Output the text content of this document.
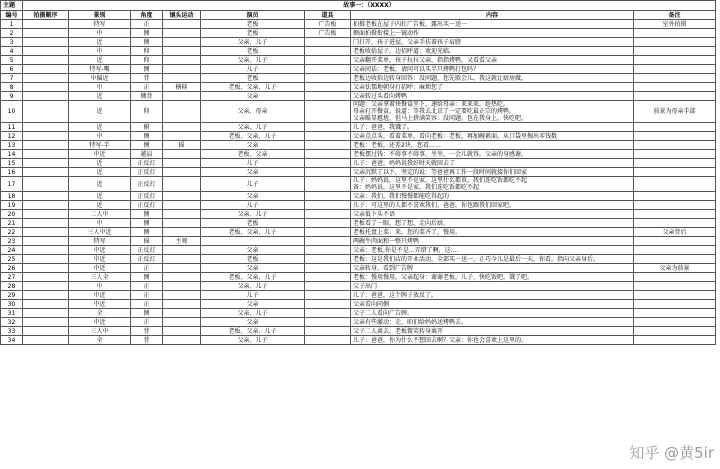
主题	故事一：（XXXX）							
编号	拍摄顺序	景别	角度	镜头运动	演员	道具	内容	备注
1		特写	正		老板	广告板	拍摄老板在屋子内扛广告板，露出买一送一	室外拍摄
2		中	侧		老板	广告板	侧面拍摄衔接上一镜动作	

3		近	侧		父亲、儿子		门打开，孩子进屋，父亲手扶着孩子肩膀	

4		中	仰		老板		老板收拾屋子，边招呼道：欢迎光临。	

5		近	仰		父亲、儿子		父亲翻开菜单，孩子拉拉父亲，指指烤鸭，又看看父亲	

6		特写-嘴	侧		儿子		父亲问话：老板，请问可以买半只烤鸭打包吗？	

7		中偏近	背		老板		老板边收拾边转身回答：没问题，您先歇会儿，我这就让厨房做。	

8		中	正	横移	老板、父亲、儿子		父亲怯懦地朝身打招呼：麻烦您了	

9		近	侧背		父亲		父亲转过头看向烤鸭	

10		近	仰		父亲、母亲		问题：父亲拿着快餐盒坐下，递给母亲：来来来，趁热吃。
母亲打开餐盒，说道：等我去北京了一定要吃最正宗的烤鸭。
父亲略显尴尬，但马上挤满笑容：没问题，包在我身上，快吃吧。	前景为母亲手部
11		近	俯		父亲、儿子		儿子：爸爸，我饿了。	

12		中	侧		老板、父亲、儿子		父亲点点头，看着菜单，看向老板：老板，再加碗素面。从口袋里掏出零钱数	

13		特写-手	侧	摇	父亲		老板：老板，还差2块，您看……	

14		中近	越肩		老板、父亲		老板摆过钱：不碍事不碍事，坐坐，一会儿就得。父亲的身感谢。	

15		近	正反打		儿子		儿子：爸爸，妈妈说我好时天就回去了	

16		近	正反打		父亲		父亲沉默了以下，坚定的说：等爸爸再工作一段时间就接你们回家	

17		近	正反打		儿子		儿子：妈妈说，这里不是家，这里什么都贵，我们连吃饭都吃不起
备：妈妈说，这里不是家，我们连吃饭都吃不起	

18		近	正反打		父亲		父亲：我们，我们慢慢都能吃得起的	

19		近	正反打		儿子		儿子：可这里的人都不喜欢我们。爸爸，你也跟我们回家吧。	

20		二人中	侧		父亲、儿子		父亲低下头不语	

21		中	侧		老板		老板看了一眼，想了想，走向后厨。	

22		三人中近	侧		老板、父亲、儿子		老板托盘上菜：来，您的菜齐了，慢用。	父亲背后
23		特写	摇	主观			两碗牛肉面和一整只烤鸭	

24		中近	正反打		父亲		父亲：老板,你是不是...弄错了啊，这....	

25		中近	正反打		老板		老板：这是我们店的开业活动，全部买一送一，正巧今儿是最后一天，你看。指向父亲身后。	

26		中近	正		父亲		父亲转身，看到广告牌	父亲为前景
27		三人全	侧		老板、父亲、儿子		老板：慢用慢用。父亲起身：谢谢老板。儿子，快吃饭吧，饿了吧。	

28		中	正		父亲、儿子		父子出门	

29		中近	正		儿子		儿子：爸爸，这个牌子放反了。	

30		中近	正		父亲		父亲看向同侧	

31		全	侧		父亲、儿子		父子二人看向广告牌。	

32		中近	正		父亲		父亲有些激动：走，咱们给妈妈送烤鸭去。	

33		三人中	背		老板、父亲、儿子		父子二人离去，老板微笑转身离开	

34		全	背		父亲、儿子		儿子：爸爸，你为什么不想回去啊？父亲：你也会喜欢上这里的。	

知乎 @黄5ir
